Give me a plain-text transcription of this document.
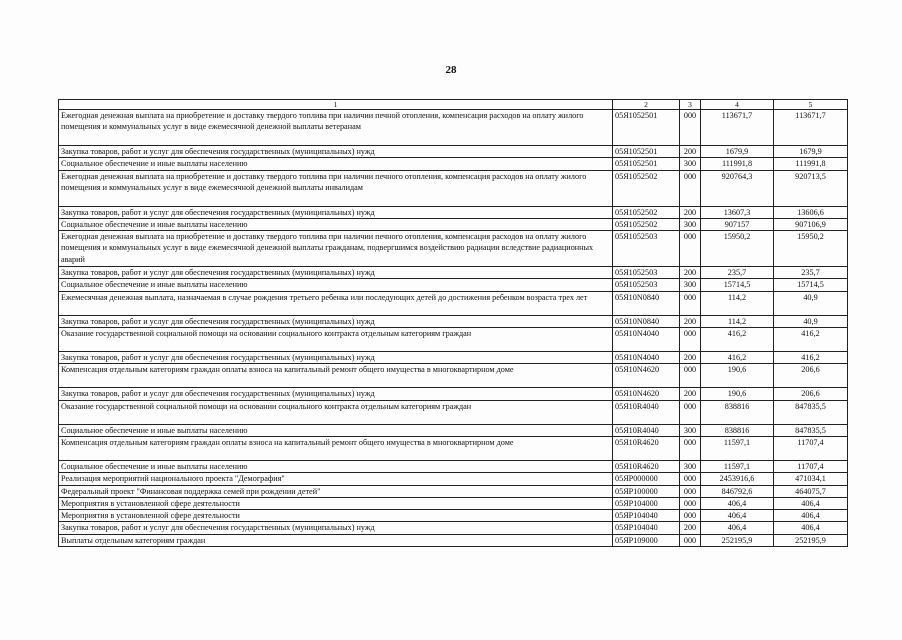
28
1	2	3	4	5
Ежегодная денежная выплата на приобретение и доставку твердого топлива при наличии печной отопления, компенсация расходов на оплату жилого помещения и коммунальных услуг в виде ежемесячной денежной выплаты ветеранам	05Я1052501	000	113671,7	113671,7
Закупка товаров, работ и услуг для обеспечения государственных (муниципальных) нужд	05Я1052501	200	1679,9	1679,9
Социальное обеспечение и иные выплаты населению	05Я1052501	300	111991,8	111991,8
Ежегодная денежная выплата на приобретение и доставку твердого топлива при наличии печного отопления, компенсация расходов на оплату жилого помещения и коммунальных услуг в виде ежемесячной денежной выплаты инвалидам	05Я1052502	000	920764,3	920713,5
Закупка товаров, работ и услуг для обеспечения государственных (муниципальных) нужд	05Я1052502	200	13607,3	13606,6
Социальное обеспечение и иные выплаты населению	05Я1052502	300	907157	907106,9
Ежегодная денежная выплата на приобретение и доставку твердого топлива при наличии печного отопления, компенсация расходов на оплату жилого помещения и коммунальных услуг в виде ежемесячной денежной выплаты гражданам, подвергшимся воздействию радиации вследствие радиационных аварий	05Я1052503	000	15950,2	15950,2
Закупка товаров, работ и услуг для обеспечения государственных (муниципальных) нужд	05Я1052503	200	235,7	235,7
Социальное обеспечение и иные выплаты населению	05Я1052503	300	15714,5	15714,5
Ежемесячная денежная выплата, назначаемая в случае рождения третьего ребенка или последующих детей до достижения ребенком возраста трех лет	05Я10N0840	000	114,2	40,9
Закупка товаров, работ и услуг для обеспечения государственных (муниципальных) нужд	05Я10N0840	200	114,2	40,9
Оказание государственной социальной помощи на основании социального контракта отдельным категориям граждан	05Я10N4040	000	416,2	416,2
Закупка товаров, работ и услуг для обеспечения государственных (муниципальных) нужд	05Я10N4040	200	416,2	416,2
Компенсация отдельным категориям граждан оплаты взноса на капитальный ремонт общего имущества в многоквартирном доме	05Я10N4620	000	190,6	206,6
Закупка товаров, работ и услуг для обеспечения государственных (муниципальных) нужд	05Я10N4620	200	190,6	206,6
Оказание государственной социальной помощи на основании социального контракта отдельным категориям граждан	05Я10R4040	000	838816	847835,5
Социальное обеспечение и иные выплаты населению	05Я10R4040	300	838816	847835,5
Компенсация отдельным категориям граждан оплаты взноса на капитальный ремонт общего имущества в многоквартирном доме	05Я10R4620	000	11597,1	11707,4
Социальное обеспечение и иные выплаты населению	05Я10R4620	300	11597,1	11707,4
Реализация мероприятий национального проекта "Демография"	05ЯP000000	000	2453916,6	471034,1
Федеральный проект "Финансовая поддержка семей при рождении детей"	05ЯP100000	000	846792,6	464075,7
Мероприятия в установленной сфере деятельности	05ЯP104000	000	406,4	406,4
Мероприятия в установленной сфере деятельности	05ЯP104040	000	406,4	406,4
Закупка товаров, работ и услуг для обеспечения государственных (муниципальных) нужд	05ЯP104040	200	406,4	406,4
Выплаты отдельным категориям граждан	05ЯP109000	000	252195,9	252195,9
